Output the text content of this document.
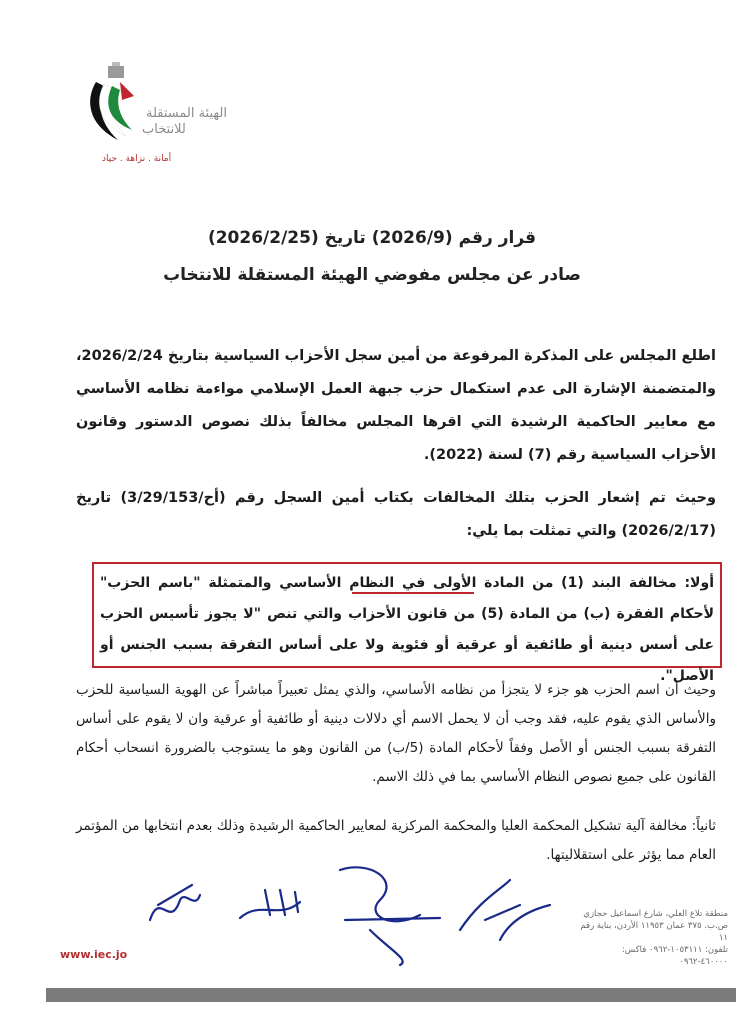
الهيئة المستقلة
للانتخاب
أمانة . نزاهة . حياد
قرار رقم (2026/9) تاريخ (2026/2/25)
صادر عن مجلس مفوضي الهيئة المستقلة للانتخاب
اطلع المجلس على المذكرة المرفوعة من أمين سجل الأحزاب السياسية بتاريخ 2026/2/24، والمتضمنة الإشارة الى عدم استكمال حزب جبهة العمل الإسلامي مواءمة نظامه الأساسي مع معايير الحاكمية الرشيدة التي اقرها المجلس مخالفاً بذلك نصوص الدستور وقانون الأحزاب السياسية رقم (7) لسنة (2022).
وحيث تم إشعار الحزب بتلك المخالفات بكتاب أمين السجل رقم (أح/3/29/153) تاريخ (2026/2/17) والتي تمثلت بما يلي:
أولا: مخالفة البند (1) من المادة الأولى في النظام الأساسي والمتمثلة "باسم الحزب" لأحكام الفقرة (ب) من المادة (5) من قانون الأحزاب والتي تنص "لا يجوز تأسيس الحزب على أسس دينية أو طائفية أو عرقية أو فئوية ولا على أساس التفرقة بسبب الجنس أو الأصل".
وحيث أن اسم الحزب هو جزء لا يتجزأ من نظامه الأساسي، والذي يمثل تعبيراً مباشراً عن الهوية السياسية للحزب والأساس الذي يقوم عليه، فقد وجب أن لا يحمل الاسم أي دلالات دينية أو طائفية أو عرقية وان لا يقوم على أساس التفرقة بسبب الجنس أو الأصل وفقاً لأحكام المادة (5/ب) من القانون وهو ما يستوجب بالضرورة انسحاب أحكام القانون على جميع نصوص النظام الأساسي بما في ذلك الاسم.
ثانياً: مخالفة آلية تشكيل المحكمة العليا والمحكمة المركزية لمعايير الحاكمية الرشيدة وذلك بعدم انتخابها من المؤتمر العام مما يؤثر على استقلاليتها.
منطقة تلاع العلي، شارع اسماعيل حجازي
ص.ب. ٣٧٥ عمان ١١٩٥٣ الأردن، بناية رقم ١١
تلفون: ١٠٥٣١١١-٠٩٦٢ فاكس: ٤٦٠٠٠٠-٠٩٦٢
www.iec.jo
